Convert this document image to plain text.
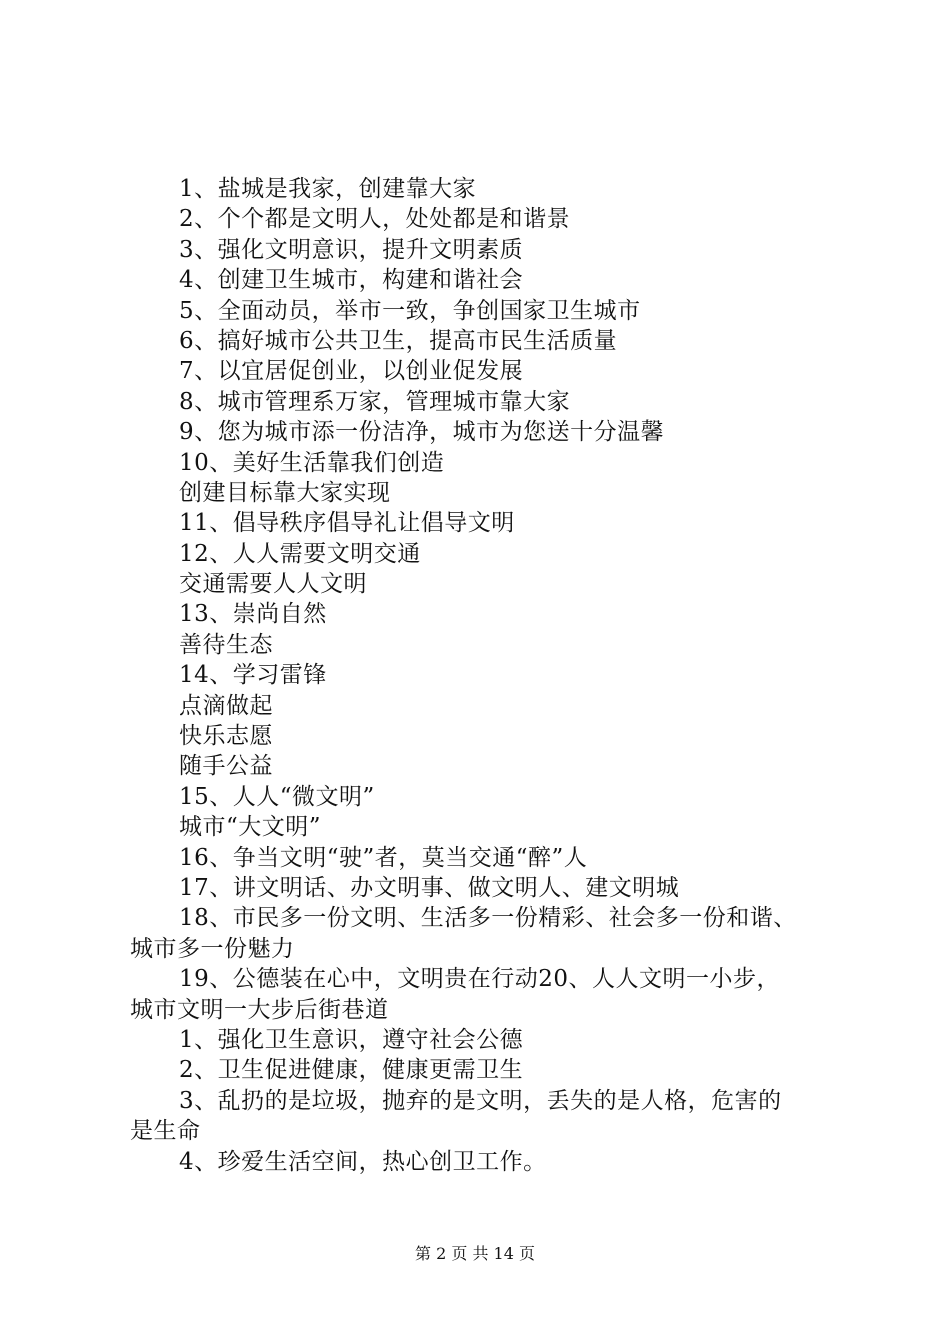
1、盐城是我家，创建靠大家
2、个个都是文明人，处处都是和谐景
3、强化文明意识，提升文明素质
4、创建卫生城市，构建和谐社会
5、全面动员，举市一致，争创国家卫生城市
6、搞好城市公共卫生，提高市民生活质量
7、以宜居促创业，以创业促发展
8、城市管理系万家，管理城市靠大家
9、您为城市添一份洁净，城市为您送十分温馨
10、美好生活靠我们创造
创建目标靠大家实现
11、倡导秩序倡导礼让倡导文明
12、人人需要文明交通
交通需要人人文明
13、崇尚自然
善待生态
14、学习雷锋
点滴做起
快乐志愿
随手公益
15、人人“微文明”
城市“大文明”
16、争当文明“驶”者，莫当交通“醉”人
17、讲文明话、办文明事、做文明人、建文明城
18、市民多一份文明、生活多一份精彩、社会多一份和谐、
城市多一份魅力
19、公德装在心中，文明贵在行动20、人人文明一小步，
城市文明一大步后街巷道
1、强化卫生意识，遵守社会公德
2、卫生促进健康，健康更需卫生
3、乱扔的是垃圾，抛弃的是文明，丢失的是人格，危害的
是生命
4、珍爱生活空间，热心创卫工作。
第 2 页 共 14 页
